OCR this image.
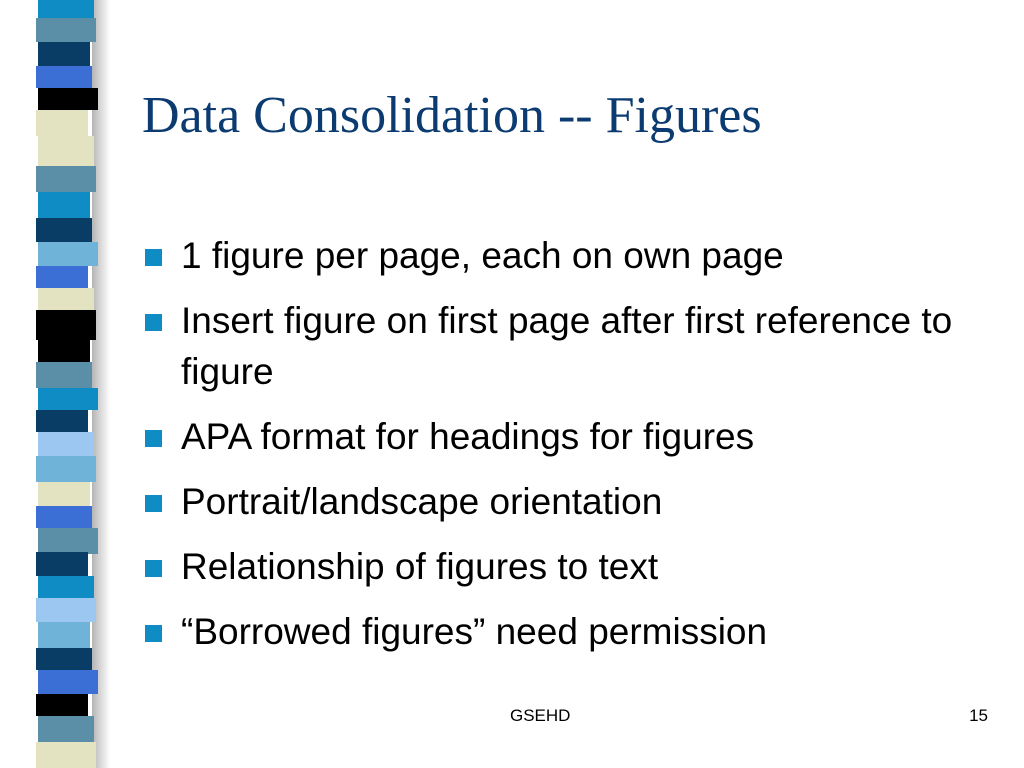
Data Consolidation -- Figures
1 figure per page, each on own page
Insert figure on first page after first reference to figure
APA format for headings for figures
Portrait/landscape orientation
Relationship of figures to text
“Borrowed figures” need permission
GSEHD	15
